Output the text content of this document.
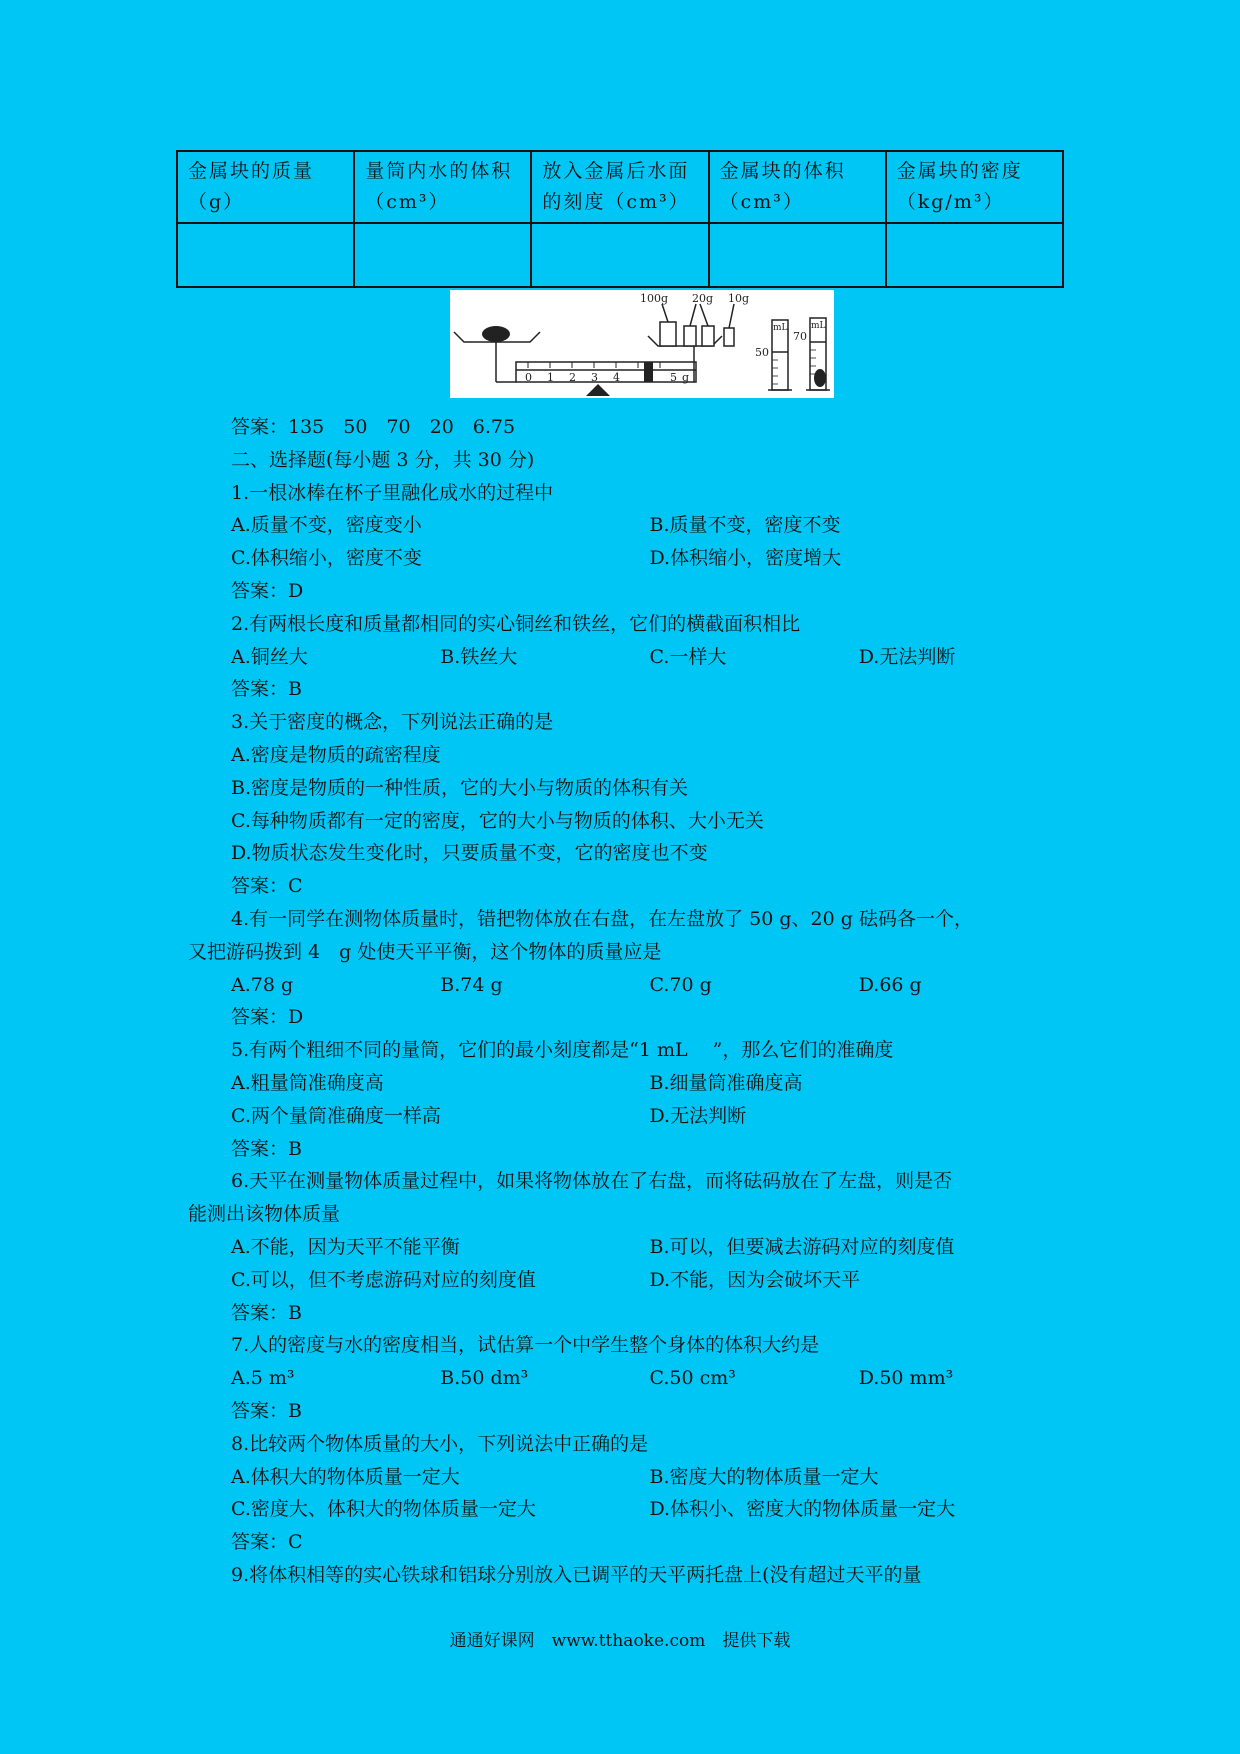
金属块的质量（g）	量筒内水的体积（cm³）	放入金属后水面的刻度（cm³）	金属块的体积（cm³）	金属块的密度（kg/m³）

100g 20g 10g
0 1 2 3 4	5 g
mL	mL
50
70
答案：135　50　70　20　6.75
二、选择题(每小题 3 分，共 30 分)
1.一根冰棒在杯子里融化成水的过程中
A.质量不变，密度变小	B.质量不变，密度不变
C.体积缩小，密度不变	D.体积缩小，密度增大
答案：D
2.有两根长度和质量都相同的实心铜丝和铁丝，它们的横截面积相比
A.铜丝大	B.铁丝大	C.一样大	D.无法判断
答案：B
3.关于密度的概念，下列说法正确的是
A.密度是物质的疏密程度
B.密度是物质的一种性质，它的大小与物质的体积有关
C.每种物质都有一定的密度，它的大小与物质的体积、大小无关
D.物质状态发生变化时，只要质量不变，它的密度也不变
答案：C
4.有一同学在测物体质量时，错把物体放在右盘，在左盘放了 50 g、20 g 砝码各一个，
又把游码拨到 4　g 处使天平平衡，这个物体的质量应是
A.78 g	B.74 g	C.70 g	D.66 g
答案：D
5.有两个粗细不同的量筒，它们的最小刻度都是“1 mL　 ”，那么它们的准确度
A.粗量筒准确度高	B.细量筒准确度高
C.两个量筒准确度一样高	D.无法判断
答案：B
6.天平在测量物体质量过程中，如果将物体放在了右盘，而将砝码放在了左盘，则是否
能测出该物体质量
A.不能，因为天平不能平衡	B.可以，但要减去游码对应的刻度值
C.可以，但不考虑游码对应的刻度值	D.不能，因为会破坏天平
答案：B
7.人的密度与水的密度相当，试估算一个中学生整个身体的体积大约是
A.5 m³	B.50 dm³	C.50 cm³	D.50 mm³
答案：B
8.比较两个物体质量的大小，下列说法中正确的是
A.体积大的物体质量一定大	B.密度大的物体质量一定大
C.密度大、体积大的物体质量一定大	D.体积小、密度大的物体质量一定大
答案：C
9.将体积相等的实心铁球和铝球分别放入已调平的天平两托盘上(没有超过天平的量
通通好课网　www.tthaoke.com　提供下载
